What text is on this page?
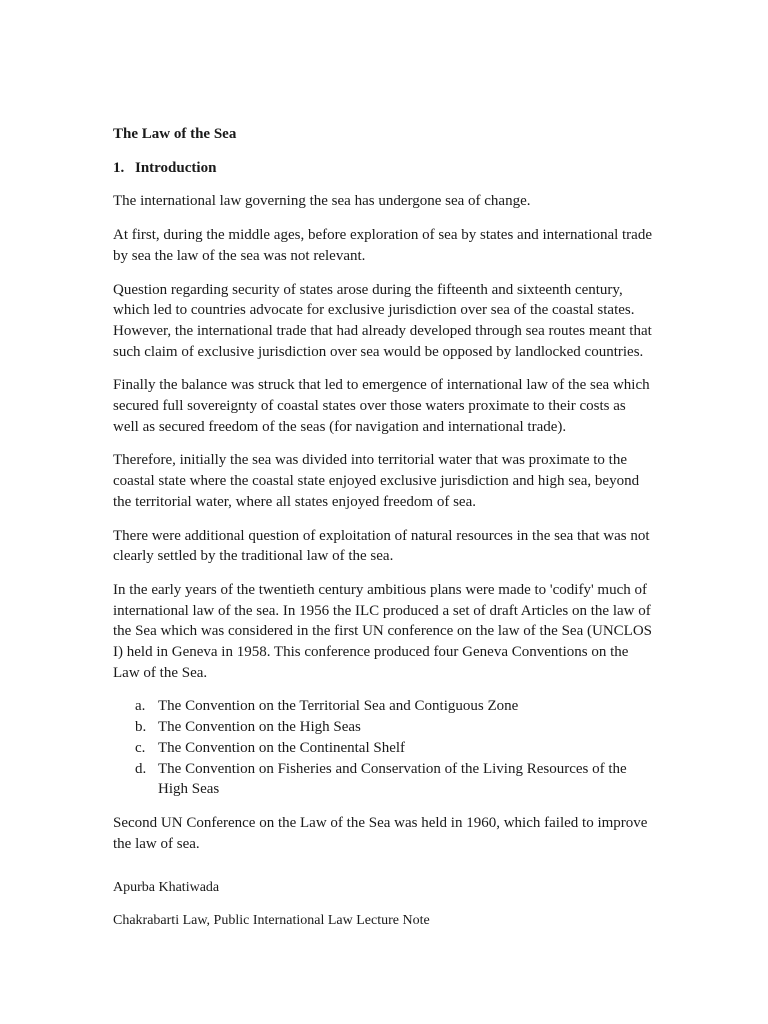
The Law of the Sea
1. Introduction

The international law governing the sea has undergone sea of change.

At first, during the middle ages, before exploration of sea by states and international trade by sea the law of the sea was not relevant.

Question regarding security of states arose during the fifteenth and sixteenth century, which led to countries advocate for exclusive jurisdiction over sea of the coastal states. However, the international trade that had already developed through sea routes meant that such claim of exclusive jurisdiction over sea would be opposed by landlocked countries.

Finally the balance was struck that led to emergence of international law of the sea which secured full sovereignty of coastal states over those waters proximate to their costs as well as secured freedom of the seas (for navigation and international trade).

Therefore, initially the sea was divided into territorial water that was proximate to the coastal state where the coastal state enjoyed exclusive jurisdiction and high sea, beyond the territorial water, where all states enjoyed freedom of sea.

There were additional question of exploitation of natural resources in the sea that was not clearly settled by the traditional law of the sea.

In the early years of the twentieth century ambitious plans were made to 'codify' much of international law of the sea. In 1956 the ILC produced a set of draft Articles on the law of the Sea which was considered in the first UN conference on the law of the Sea (UNCLOS I) held in Geneva in 1958. This conference produced four Geneva Conventions on the Law of the Sea.

a. The Convention on the Territorial Sea and Contiguous Zone
b. The Convention on the High Seas
c. The Convention on the Continental Shelf
d. The Convention on Fisheries and Conservation of the Living Resources of the High Seas

Second UN Conference on the Law of the Sea was held in 1960, which failed to improve the law of sea.

Apurba Khatiwada
Chakrabarti Law, Public International Law Lecture Note
